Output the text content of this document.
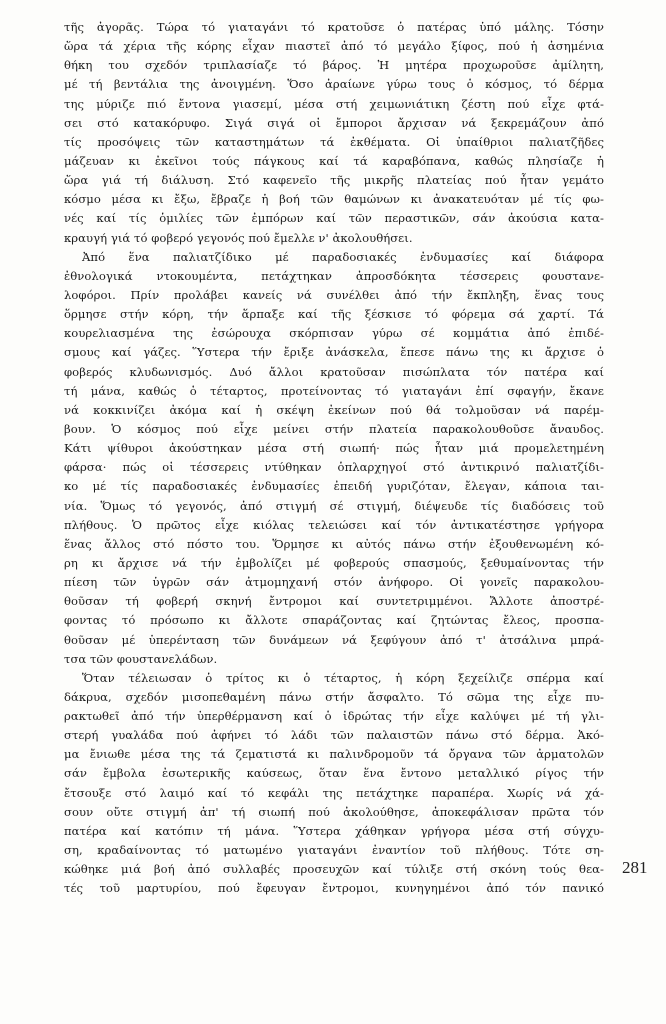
τῆς ἀγορᾶς. Τώρα τό γιαταγάνι τό κρατοῦσε ὁ πατέρας ὑπό μάλης. Τόσην
ὥρα τά χέρια τῆς κόρης εἶχαν πιαστεῖ ἀπό τό μεγάλο ξίφος, πού ἡ ἀσημένια
θήκη του σχεδόν τριπλασίαζε τό βάρος. Ἡ μητέρα προχωροῦσε ἀμίλητη,
μέ τή βεντάλια της ἀνοιγμένη. Ὅσο ἀραίωνε γύρω τους ὁ κόσμος, τό δέρμα
της μύριζε πιό ἔντονα γιασεμί, μέσα στή χειμωνιάτικη ζέστη πού εἶχε φτά-
σει στό κατακόρυφο. Σιγά σιγά οἱ ἔμποροι ἄρχισαν νά ξεκρεμάζουν ἀπό
τίς προσόψεις τῶν καταστημάτων τά ἐκθέματα. Οἱ ὑπαίθριοι παλιατζῆδες
μάζευαν κι ἐκεῖνοι τούς πάγκους καί τά καραβόπανα, καθώς πλησίαζε ἡ
ὥρα γιά τή διάλυση. Στό καφενεῖο τῆς μικρῆς πλατείας πού ἦταν γεμάτο
κόσμο μέσα κι ἔξω, ἔβραζε ἡ βοή τῶν θαμώνων κι ἀνακατευόταν μέ τίς φω-
νές καί τίς ὁμιλίες τῶν ἐμπόρων καί τῶν περαστικῶν, σάν ἀκούσια κατα-
κραυγή γιά τό φοβερό γεγονός πού ἔμελλε ν' ἀκολουθήσει.
Ἀπό ἕνα παλιατζίδικο μέ παραδοσιακές ἐνδυμασίες καί διάφορα
ἐθνολογικά ντοκουμέντα, πετάχτηκαν ἀπροσδόκητα τέσσερεις φουστανε-
λοφόροι. Πρίν προλάβει κανείς νά συνέλθει ἀπό τήν ἔκπληξη, ἕνας τους
ὅρμησε στήν κόρη, τήν ἅρπαξε καί τῆς ξέσκισε τό φόρεμα σά χαρτί. Τά
κουρελιασμένα της ἐσώρουχα σκόρπισαν γύρω σέ κομμάτια ἀπό ἐπιδέ-
σμους καί γάζες. Ὕστερα τήν ἔριξε ἀνάσκελα, ἔπεσε πάνω της κι ἄρχισε ὁ
φοβερός κλυδωνισμός. Δυό ἄλλοι κρατοῦσαν πισώπλατα τόν πατέρα καί
τή μάνα, καθώς ὁ τέταρτος, προτείνοντας τό γιαταγάνι ἐπί σφαγήν, ἔκανε
νά κοκκινίζει ἀκόμα καί ἡ σκέψη ἐκείνων πού θά τολμοῦσαν νά παρέμ-
βουν. Ὁ κόσμος πού εἶχε μείνει στήν πλατεία παρακολουθοῦσε ἄναυδος.
Κάτι ψίθυροι ἀκούστηκαν μέσα στή σιωπή· πώς ἦταν μιά προμελετημένη
φάρσα· πώς οἱ τέσσερεις ντύθηκαν ὁπλαρχηγοί στό ἀντικρινό παλιατζίδι-
κο μέ τίς παραδοσιακές ἐνδυμασίες ἐπειδή γυριζόταν, ἔλεγαν, κάποια ται-
νία. Ὅμως τό γεγονός, ἀπό στιγμή σέ στιγμή, διέψευδε τίς διαδόσεις τοῦ
πλήθους. Ὁ πρῶτος εἶχε κιόλας τελειώσει καί τόν ἀντικατέστησε γρήγορα
ἕνας ἄλλος στό πόστο του. Ὅρμησε κι αὐτός πάνω στήν ἐξουθενωμένη κό-
ρη κι ἄρχισε νά τήν ἐμβολίζει μέ φοβερούς σπασμούς, ξεθυμαίνοντας τήν
πίεση τῶν ὑγρῶν σάν ἀτμομηχανή στόν ἀνήφορο. Οἱ γονεῖς παρακολου-
θοῦσαν τή φοβερή σκηνή ἔντρομοι καί συντετριμμένοι. Ἄλλοτε ἀποστρέ-
φοντας τό πρόσωπο κι ἄλλοτε σπαράζοντας καί ζητώντας ἔλεος, προσπα-
θοῦσαν μέ ὑπερένταση τῶν δυνάμεων νά ξεφύγουν ἀπό τ' ἀτσάλινα μπρά-
τσα τῶν φουστανελάδων.
Ὅταν τέλειωσαν ὁ τρίτος κι ὁ τέταρτος, ἡ κόρη ξεχείλιζε σπέρμα καί
δάκρυα, σχεδόν μισοπεθαμένη πάνω στήν ἄσφαλτο. Τό σῶμα της εἶχε πυ-
ρακτωθεῖ ἀπό τήν ὑπερθέρμανση καί ὁ ἱδρώτας τήν εἶχε καλύψει μέ τή γλι-
στερή γυαλάδα πού ἀφήνει τό λάδι τῶν παλαιστῶν πάνω στό δέρμα. Ἀκό-
μα ἔνιωθε μέσα της τά ζεματιστά κι παλινδρομοῦν τά ὄργανα τῶν ἀρματολῶν
σάν ἔμβολα ἐσωτερικῆς καύσεως, ὅταν ἕνα ἔντονο μεταλλικό ρίγος τήν
ἔτσουξε στό λαιμό καί τό κεφάλι της πετάχτηκε παραπέρα. Χωρίς νά χά-
σουν οὔτε στιγμή ἀπ' τή σιωπή πού ἀκολούθησε, ἀποκεφάλισαν πρῶτα τόν
πατέρα καί κατόπιν τή μάνα. Ὕστερα χάθηκαν γρήγορα μέσα στή σύγχυ-
ση, κραδαίνοντας τό ματωμένο γιαταγάνι ἐναντίον τοῦ πλήθους. Τότε ση-
κώθηκε μιά βοή ἀπό συλλαβές προσευχῶν καί τύλιξε στή σκόνη τούς θεα-
τές τοῦ μαρτυρίου, πού ἔφευγαν ἔντρομοι, κυνηγημένοι ἀπό τόν πανικό
281
